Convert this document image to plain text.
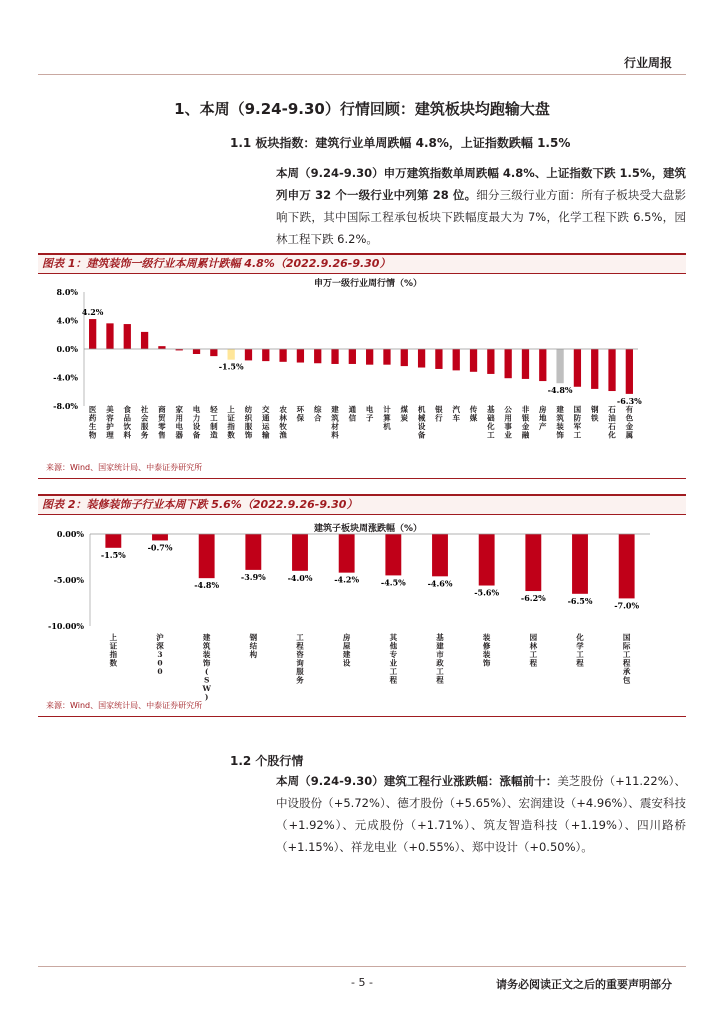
行业周报
1、本周（9.24-9.30）行情回顾：建筑板块均跑输大盘
1.1 板块指数：建筑行业单周跌幅 4.8%，上证指数跌幅 1.5%
本周（9.24-9.30）申万建筑指数单周跌幅 4.8%、上证指数下跌 1.5%，建筑列申万 32 个一级行业中列第 28 位。细分三级行业方面：所有子板块受大盘影响下跌，其中国际工程承包板块下跌幅度最大为 7%，化学工程下跌 6.5%，园林工程下跌 6.2%。
图表 1：建筑装饰一级行业本周累计跌幅 4.8%（2022.9.26-9.30）
申万一级行业周行情（%）
8.0%
4.0%
0.0%
-4.0%
-8.0%
4.2%
医药生物
美容护理
食品饮料
社会服务
商贸零售
家用电器
电力设备
轻工制造
-1.5%
上证指数
纺织服饰
交通运输
农林牧渔
环保
综合
建筑材料
通信
电子
计算机
煤炭
机械设备
银行
汽车
传媒
基础化工
公用事业
非银金融
房地产
-4.8%
建筑装饰
国防军工
钢铁
石油石化
-6.3%
有色金属
来源：Wind、国家统计局、中泰证券研究所
图表 2：装修装饰子行业本周下跌 5.6%（2022.9.26-9.30）
建筑子板块周涨跌幅（%）
0.00%
-5.00%
-10.00%
-1.5%
上证指数
-0.7%
沪深 3 0 0
-4.8%
建筑装饰( S W )
-3.9%
钢结构
-4.0%
工程咨询服务
-4.2%
房屋建设
-4.5%
其他专业工程
-4.6%
基建市政工程
-5.6%
装修装饰
-6.2%
园林工程
-6.5%
化学工程
-7.0%
国际工程承包
来源：Wind、国家统计局、中泰证券研究所
1.2 个股行情
本周（9.24-9.30）建筑工程行业涨跌幅：涨幅前十：美芝股份（+11.22%）、中设股份（+5.72%）、德才股份（+5.65%）、宏润建设（+4.96%）、震安科技（+1.92%）、元成股份（+1.71%）、筑友智造科技（+1.19%）、四川路桥（+1.15%）、祥龙电业（+0.55%）、郑中设计（+0.50%）。
- 5 -	请务必阅读正文之后的重要声明部分
